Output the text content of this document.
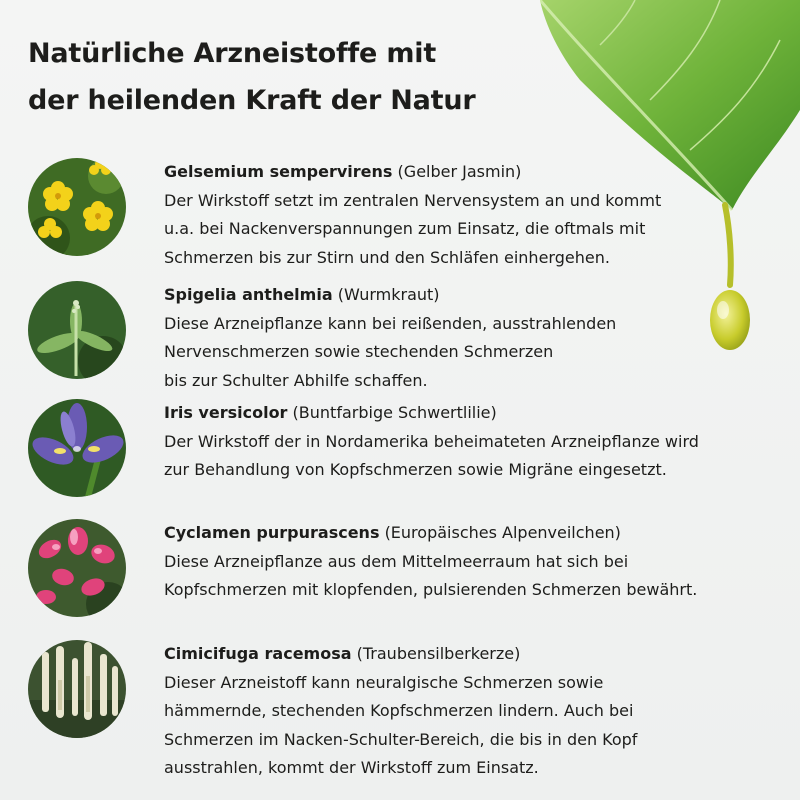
Natürliche Arzneistoffe mit
der heilenden Kraft der Natur
Gelsemium sempervirens (Gelber Jasmin)
Der Wirkstoff setzt im zentralen Nervensystem an und kommt
u.a. bei Nackenverspannungen zum Einsatz, die oftmals mit
Schmerzen bis zur Stirn und den Schläfen einhergehen.
Spigelia anthelmia (Wurmkraut)
Diese Arzneipflanze kann bei reißenden, ausstrahlenden
Nervenschmerzen sowie stechenden Schmerzen
bis zur Schulter Abhilfe schaffen.
Iris versicolor (Buntfarbige Schwertlilie)
Der Wirkstoff der in Nordamerika beheimateten Arzneipflanze wird
zur Behandlung von Kopfschmerzen sowie Migräne eingesetzt.
Cyclamen purpurascens (Europäisches Alpenveilchen)
Diese Arzneipflanze aus dem Mittelmeerraum hat sich bei
Kopfschmerzen mit klopfenden, pulsierenden Schmerzen bewährt.
Cimicifuga racemosa (Traubensilberkerze)
Dieser Arzneistoff kann neuralgische Schmerzen sowie
hämmernde, stechenden Kopfschmerzen lindern. Auch bei
Schmerzen im Nacken-Schulter-Bereich, die bis in den Kopf
ausstrahlen, kommt der Wirkstoff zum Einsatz.
